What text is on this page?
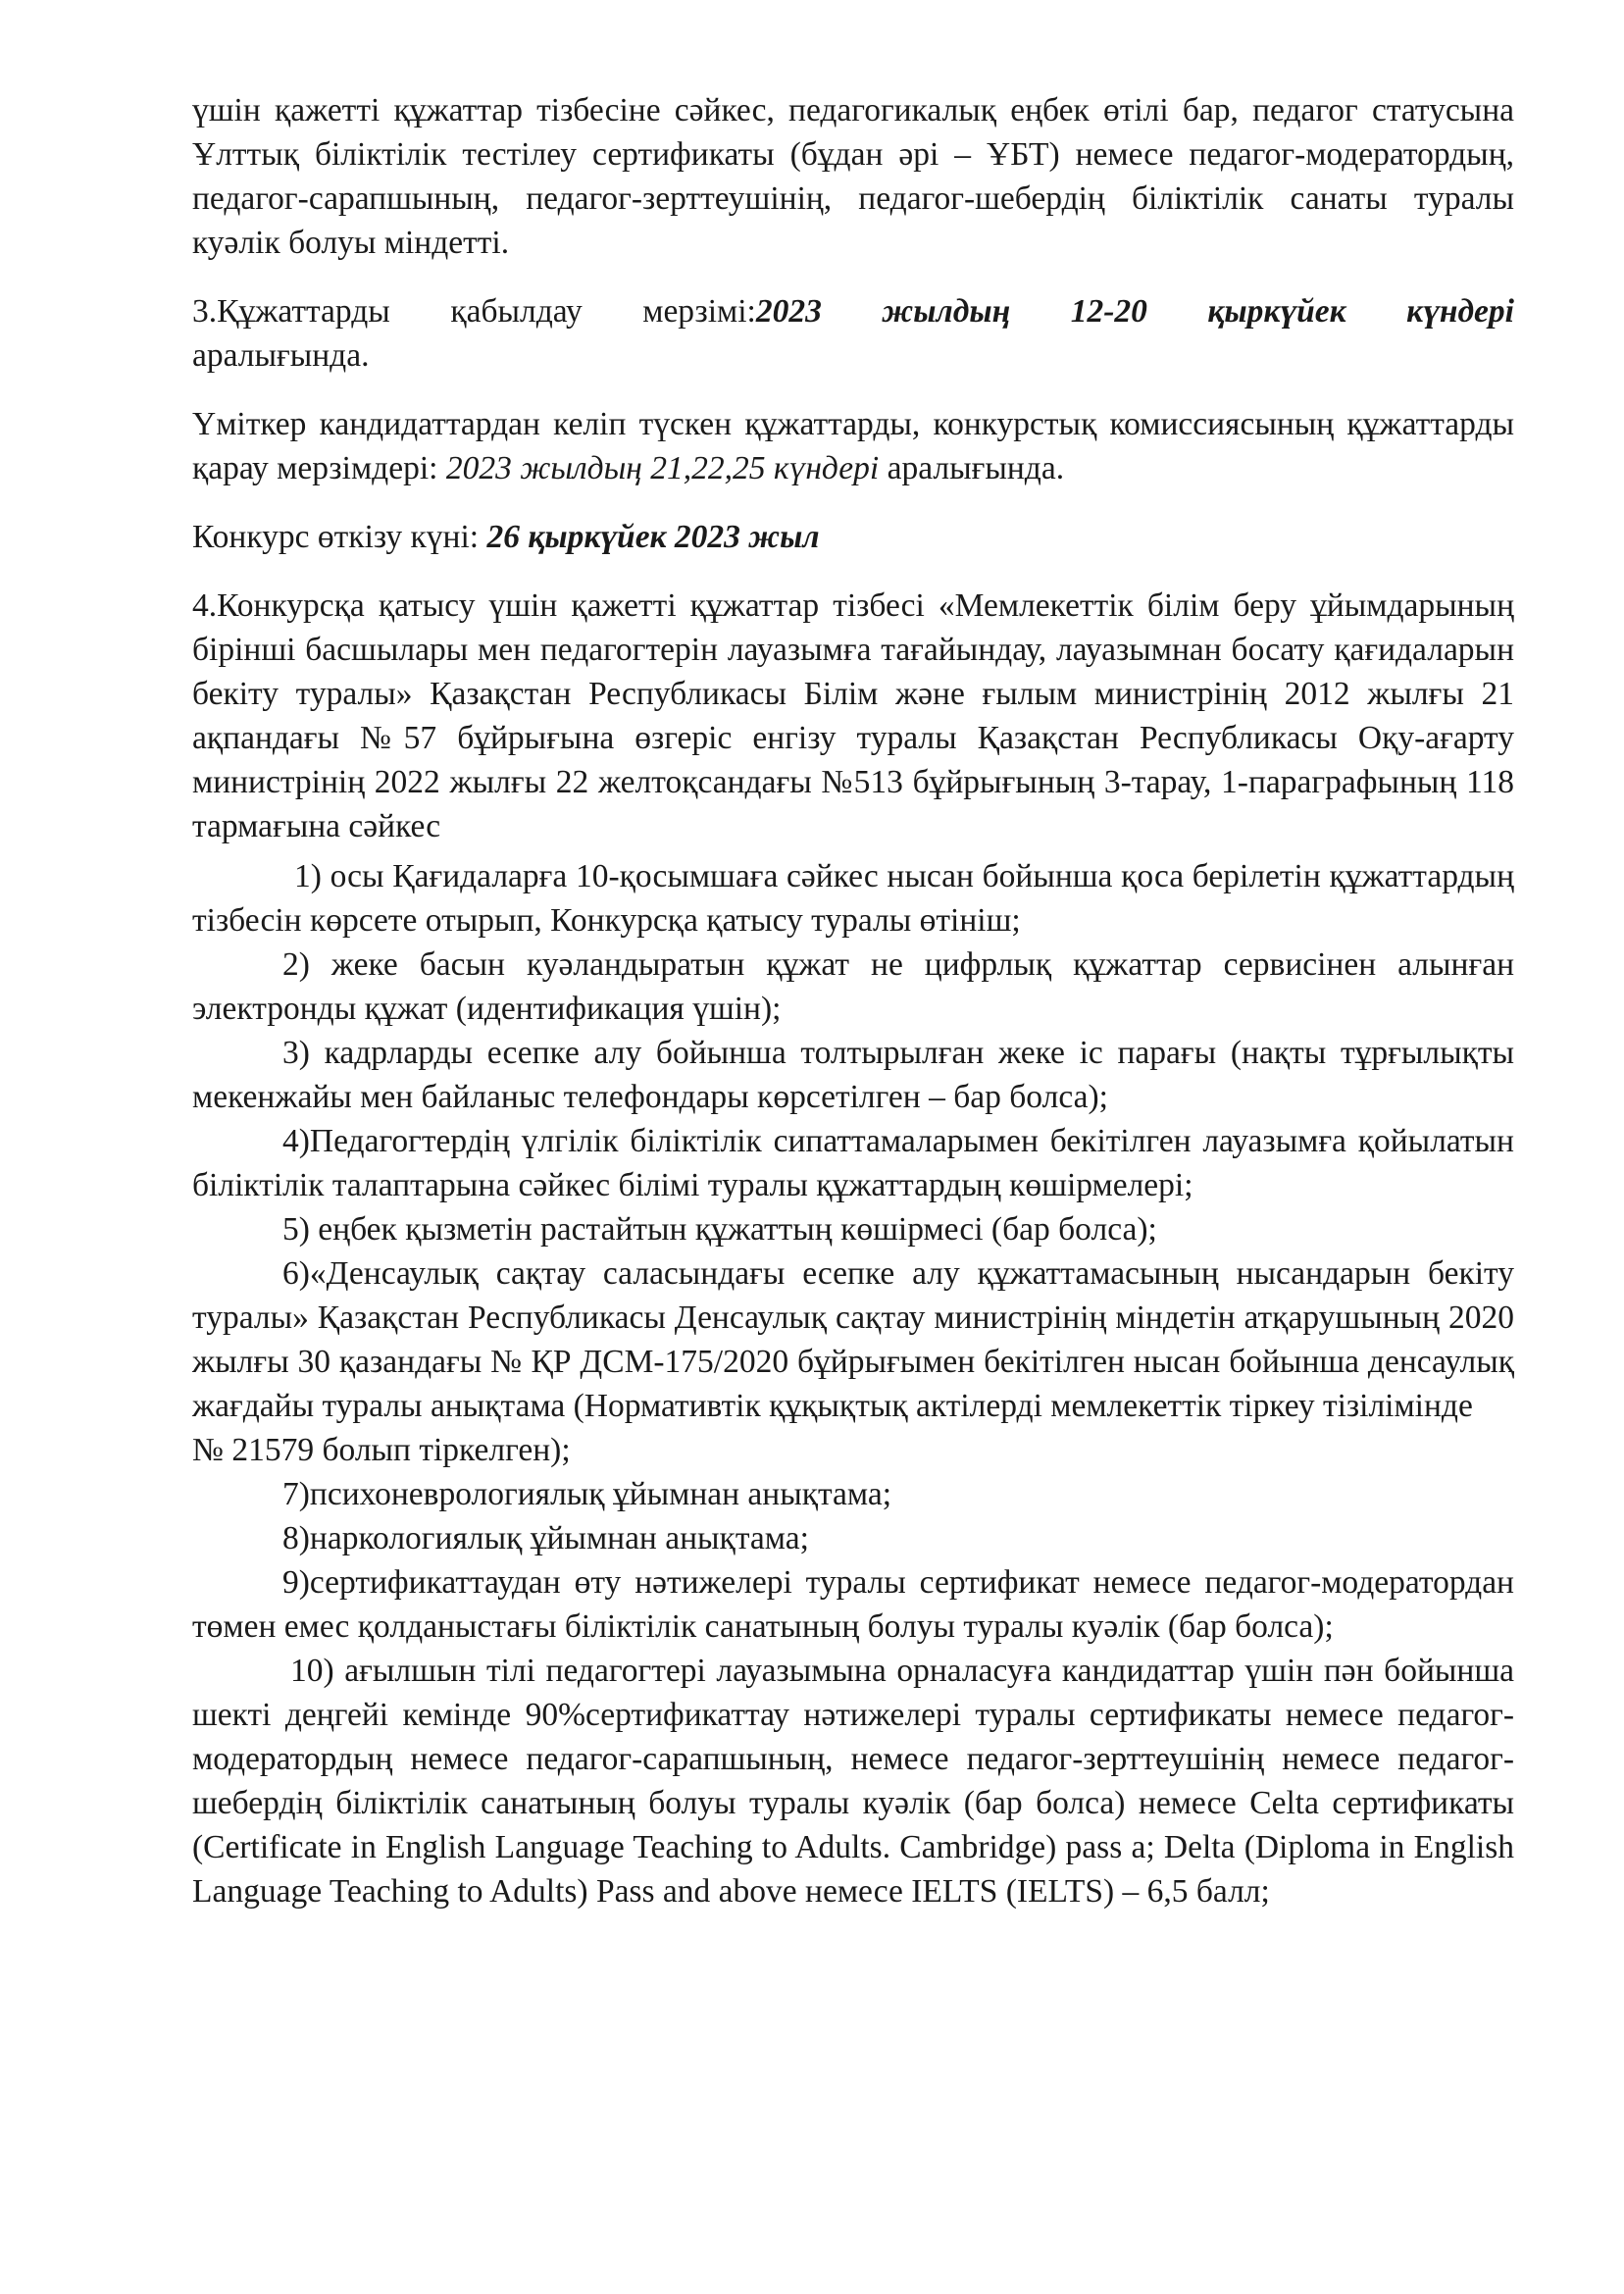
үшін қажетті құжаттар тізбесіне сәйкес, педагогикалық еңбек өтілі бар, педагог статусына Ұлттық біліктілік тестілеу сертификаты (бұдан әрі – ҰБТ) немесе педагог-модератордың, педагог-сарапшының, педагог-зерттеушінің, педагог-шебердің біліктілік санаты туралы куәлік болуы міндетті.

3.Құжаттарды қабылдау мерзімі:2023 жылдың 12-20 қыркүйек күндері

аралығында.

Үміткер кандидаттардан келіп түскен құжаттарды, конкурстық комиссиясының құжаттарды қарау мерзімдері: 2023 жылдың 21,22,25 күндері аралығында.

Конкурс өткізу күні: 26 қыркүйек 2023 жыл

4.Конкурсқа қатысу үшін қажетті құжаттар тізбесі «Мемлекеттік білім беру ұйымдарының бірінші басшылары мен педагогтерін лауазымға тағайындау, лауазымнан босату қағидаларын бекіту туралы» Қазақстан Республикасы Білім және ғылым министрінің 2012 жылғы 21 ақпандағы №57 бұйрығына өзгеріс енгізу туралы Қазақстан Республикасы Оқу-ағарту министрінің 2022 жылғы 22 желтоқсандағы №513 бұйрығының 3-тарау, 1-параграфының 118 тармағына сәйкес

1) осы Қағидаларға 10-қосымшаға сәйкес нысан бойынша қоса берілетін құжаттардың тізбесін көрсете отырып, Конкурсқа қатысу туралы өтініш;

2) жеке басын куәландыратын құжат не цифрлық құжаттар сервисінен алынған электронды құжат (идентификация үшін);

3) кадрларды есепке алу бойынша толтырылған жеке іс парағы (нақты тұрғылықты мекенжайы мен байланыс телефондары көрсетілген – бар болса);

4)Педагогтердің үлгілік біліктілік сипаттамаларымен бекітілген лауазымға қойылатын біліктілік талаптарына сәйкес білімі туралы құжаттардың көшірмелері;

5) еңбек қызметін растайтын құжаттың көшірмесі (бар болса);

6)«Денсаулық сақтау саласындағы есепке алу құжаттамасының нысандарын бекіту туралы» Қазақстан Республикасы Денсаулық сақтау министрінің міндетін атқарушының 2020 жылғы 30 қазандағы № ҚР ДСМ-175/2020 бұйрығымен бекітілген нысан бойынша денсаулық жағдайы туралы анықтама (Нормативтік құқықтық актілерді мемлекеттік тіркеу тізілімінде

№ 21579 болып тіркелген);

7)психоневрологиялық ұйымнан анықтама;

8)наркологиялық ұйымнан анықтама;

9)сертификаттаудан өту нәтижелері туралы сертификат немесе педагог-модератордан төмен емес қолданыстағы біліктілік санатының болуы туралы куәлік (бар болса);

10) ағылшын тілі педагогтері лауазымына орналасуға кандидаттар үшін пән бойынша шекті деңгейі кемінде 90%сертификаттау нәтижелері туралы сертификаты немесе педагог-модератордың немесе педагог-сарапшының, немесе педагог-зерттеушінің немесе педагог-шебердің біліктілік санатының болуы туралы куәлік (бар болса) немесе Celta сертификаты (Certificate in English Language Teaching to Adults. Cambridge) pass a; Delta (Diploma in English Language Teaching to Adults) Pass and above немесе IELTS (IELTS) – 6,5 балл;
